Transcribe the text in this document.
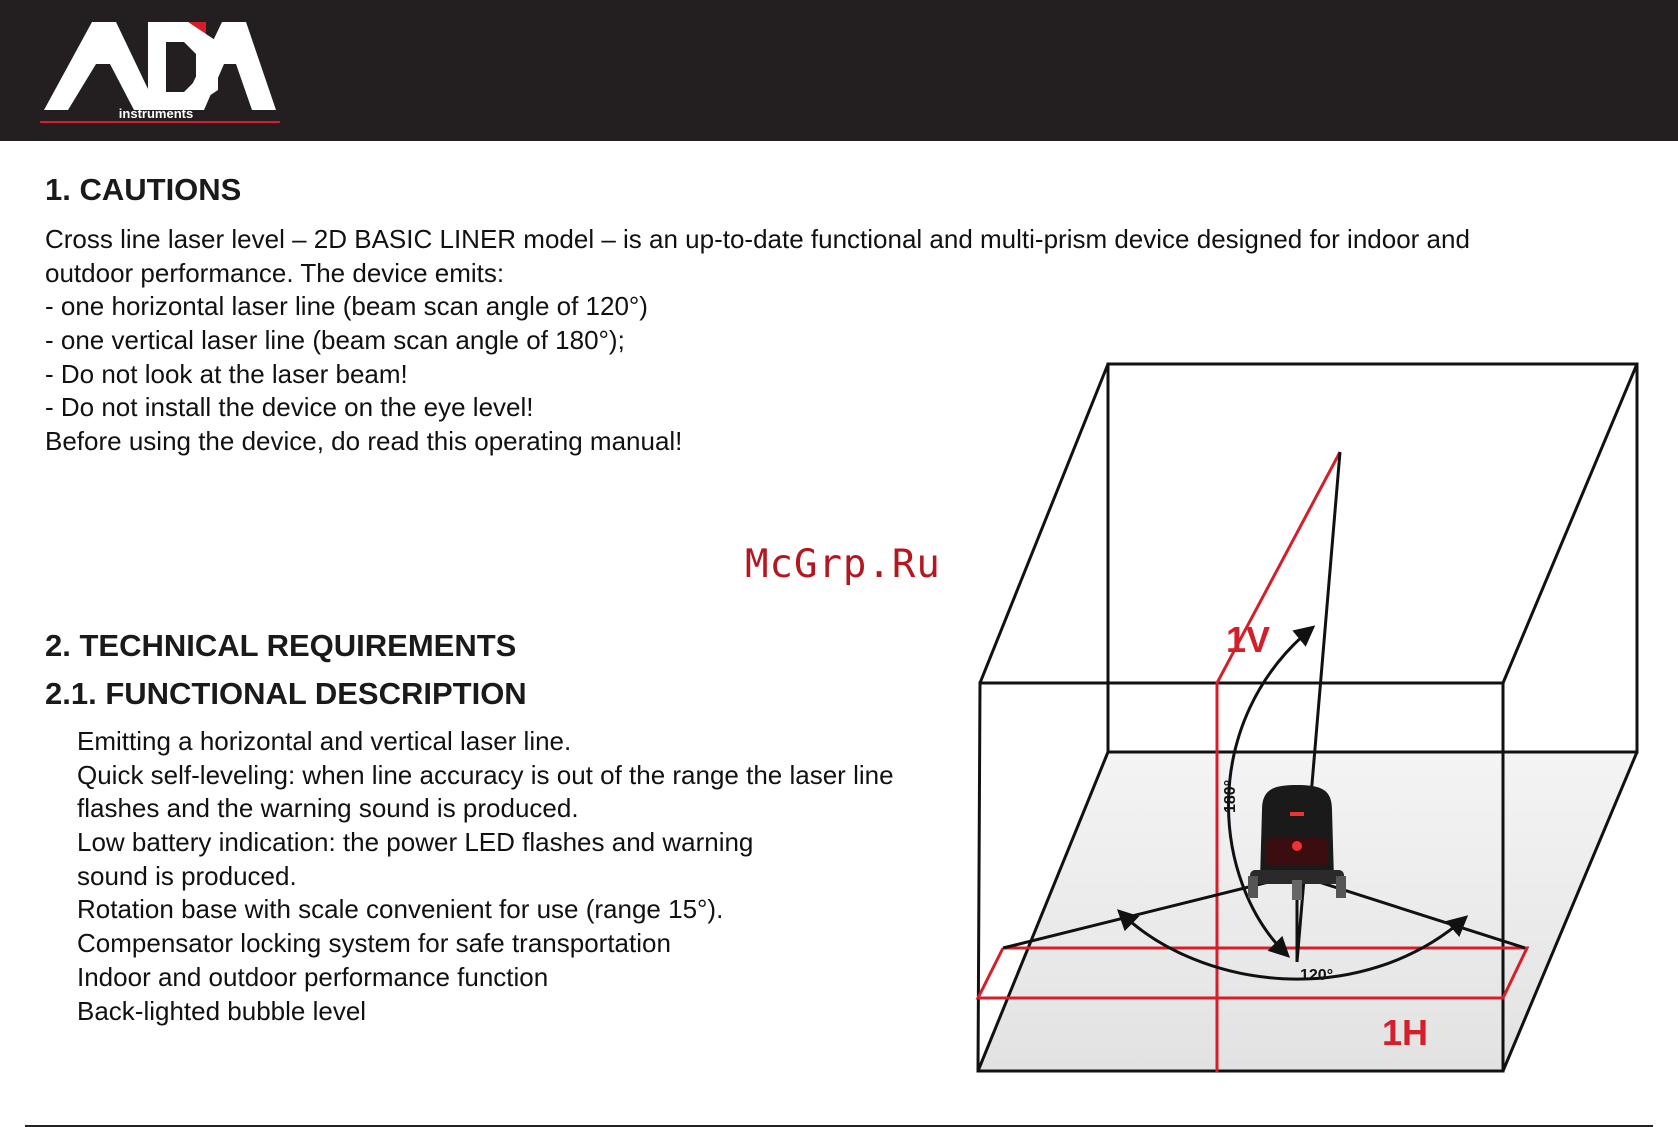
instruments
1. CAUTIONS
Cross line laser level – 2D BASIC LINER model – is an up-to-date functional and multi-prism device designed for indoor and
outdoor performance. The device emits:
- one horizontal laser line (beam scan angle of 120°)
- one vertical laser line (beam scan angle of 180°);
- Do not look at the laser beam!
- Do not install the device on the eye level!
Before using the device, do read this operating manual!
McGrp.Ru
2. TECHNICAL REQUIREMENTS
2.1. FUNCTIONAL DESCRIPTION
Emitting a horizontal and vertical laser line.
Quick self-leveling: when line accuracy is out of the range the laser line
flashes and the warning sound is produced.
Low battery indication: the power LED flashes and warning
sound is produced.
Rotation base with scale convenient for use (range 15°).
Compensator locking system for safe transportation
Indoor and outdoor performance function
Back-lighted bubble level
1V
1H
180°
120°
